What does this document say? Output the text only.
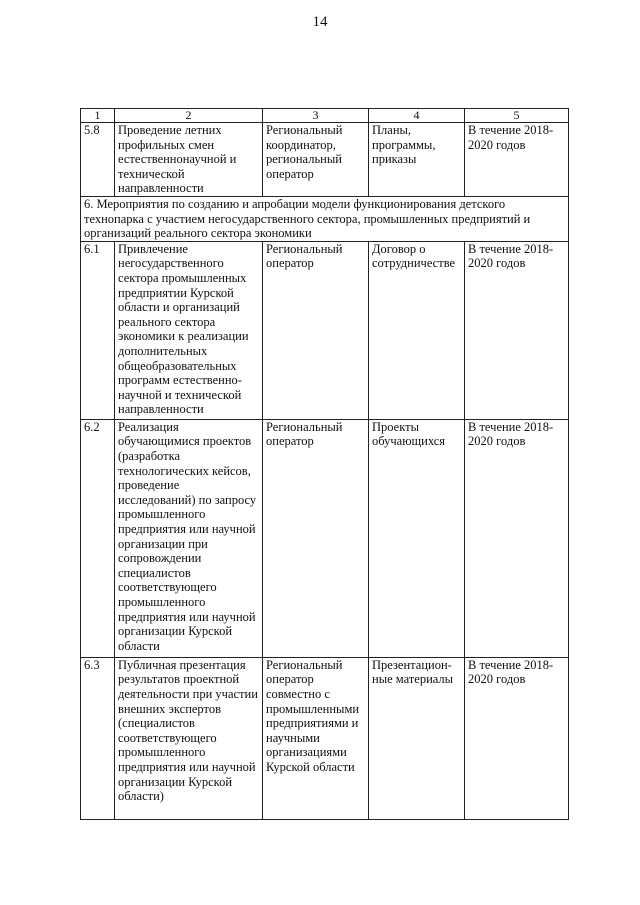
14
1	2	3	4	5
5.8	Проведение летних профильных смен естественнонаучной и технической направленности	Региональный координатор, региональный оператор	Планы, программы, приказы	В течение 2018-2020 годов
6. Мероприятия по созданию и апробации модели функционирования детского технопарка с участием негосударственного сектора, промышленных предприятий и организаций реального сектора экономики				
6.1	Привлечение негосударственного сектора промышленных предприятии Курской области и организаций реального сектора экономики к реализации дополнительных общеобразовательных программ естественно-научной и технической направленности	Региональный оператор	Договор о сотрудничестве	В течение 2018-2020 годов
6.2	Реализация обучающимися проектов (разработка технологических кейсов, проведение исследований) по запросу промышленного предприятия или научной организации при сопровождении специалистов соответствующего промышленного предприятия или научной организации Курской области	Региональный оператор	Проекты обучающихся	В течение 2018-2020 годов
6.3	Публичная презентация результатов проектной деятельности при участии внешних экспертов (специалистов соответствующего промышленного предприятия или научной организации Курской области)	Региональный оператор совместно с промышленными предприятиями и научными организациями Курской области	Презентацион-ные материалы	В течение 2018-2020 годов
